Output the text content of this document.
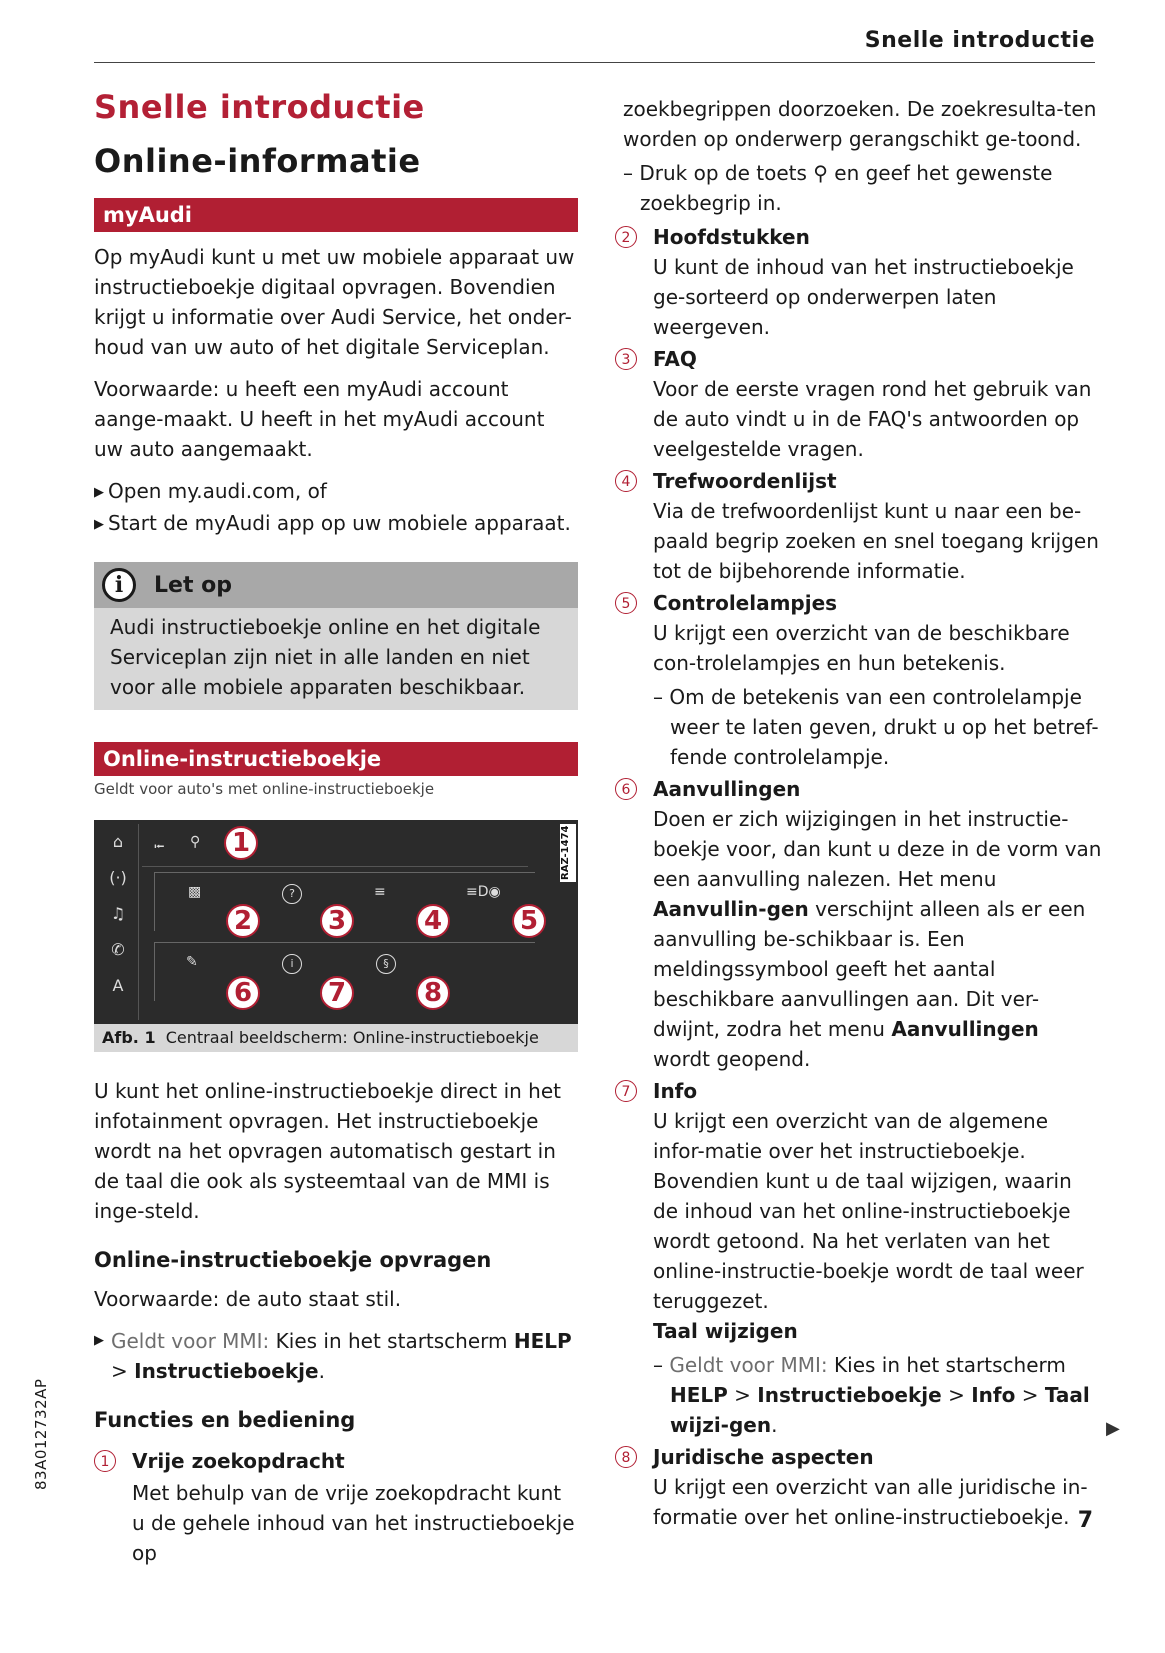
Snelle introductie
Snelle introductie
Online-informatie
myAudi

Op myAudi kunt u met uw mobiele apparaat uw instructieboekje digitaal opvragen. Bovendien krijgt u informatie over Audi Service, het onder-houd van uw auto of het digitale Serviceplan.

Voorwaarde: u heeft een myAudi account aange-maakt. U heeft in het myAudi account uw auto aangemaakt.

▶ Open my.audi.com, of
▶ Start de myAudi app op uw mobiele apparaat.
i	Let op
Audi instructieboekje online en het digitale Serviceplan zijn niet in alle landen en niet voor alle mobiele apparaten beschikbaar.
Online-instructieboekje
Geldt voor auto's met online-instructieboekje
⌂
(·)
♫
✆
A
⭰ ⚲
▩	?	≡	≡D◉
✎	i	§
RAZ-1474
1
2	3	4	5
6	7	8
Afb. 1 Centraal beeldscherm: Online-instructieboekje

U kunt het online-instructieboekje direct in het infotainment opvragen. Het instructieboekje wordt na het opvragen automatisch gestart in de taal die ook als systeemtaal van de MMI is inge-steld.

Online-instructieboekje opvragen

Voorwaarde: de auto staat stil.

▶ Geldt voor MMI: Kies in het startscherm HELP > Instructieboekje.
Functies en bediening
1	Vrije zoekopdracht

Met behulp van de vrije zoekopdracht kunt u de gehele inhoud van het instructieboekje op

zoekbegrippen doorzoeken. De zoekresulta-ten worden op onderwerp gerangschikt ge-toond.

– Druk op de toets ⚲ en geef het gewenste zoekbegrip in.
2	Hoofdstukken

U kunt de inhoud van het instructieboekje ge-sorteerd op onderwerpen laten weergeven.

3	FAQ

Voor de eerste vragen rond het gebruik van de auto vindt u in de FAQ's antwoorden op veelgestelde vragen.

4	Trefwoordenlijst

Via de trefwoordenlijst kunt u naar een be-paald begrip zoeken en snel toegang krijgen tot de bijbehorende informatie.

5	Controlelampjes

U krijgt een overzicht van de beschikbare con-trolelampjes en hun betekenis.

– Om de betekenis van een controlelampje weer te laten geven, drukt u op het betref-fende controlelampje.
6	Aanvullingen

Doen er zich wijzigingen in het instructie-boekje voor, dan kunt u deze in de vorm van een aanvulling nalezen. Het menu Aanvullin-gen verschijnt alleen als er een aanvulling be-schikbaar is. Een meldingssymbool geeft het aantal beschikbare aanvullingen aan. Dit ver-dwijnt, zodra het menu Aanvullingen wordt geopend.

7	Info

U krijgt een overzicht van de algemene infor-matie over het instructieboekje. Bovendien kunt u de taal wijzigen, waarin de inhoud van het online-instructieboekje wordt getoond. Na het verlaten van het online-instructie-boekje wordt de taal weer teruggezet.

Taal wijzigen
– Geldt voor MMI: Kies in het startscherm HELP > Instructieboekje > Info > Taal wijzi-gen.
8	Juridische aspecten

U krijgt een overzicht van alle juridische in-formatie over het online-instructieboekje.

▶
83A012732AP
7
